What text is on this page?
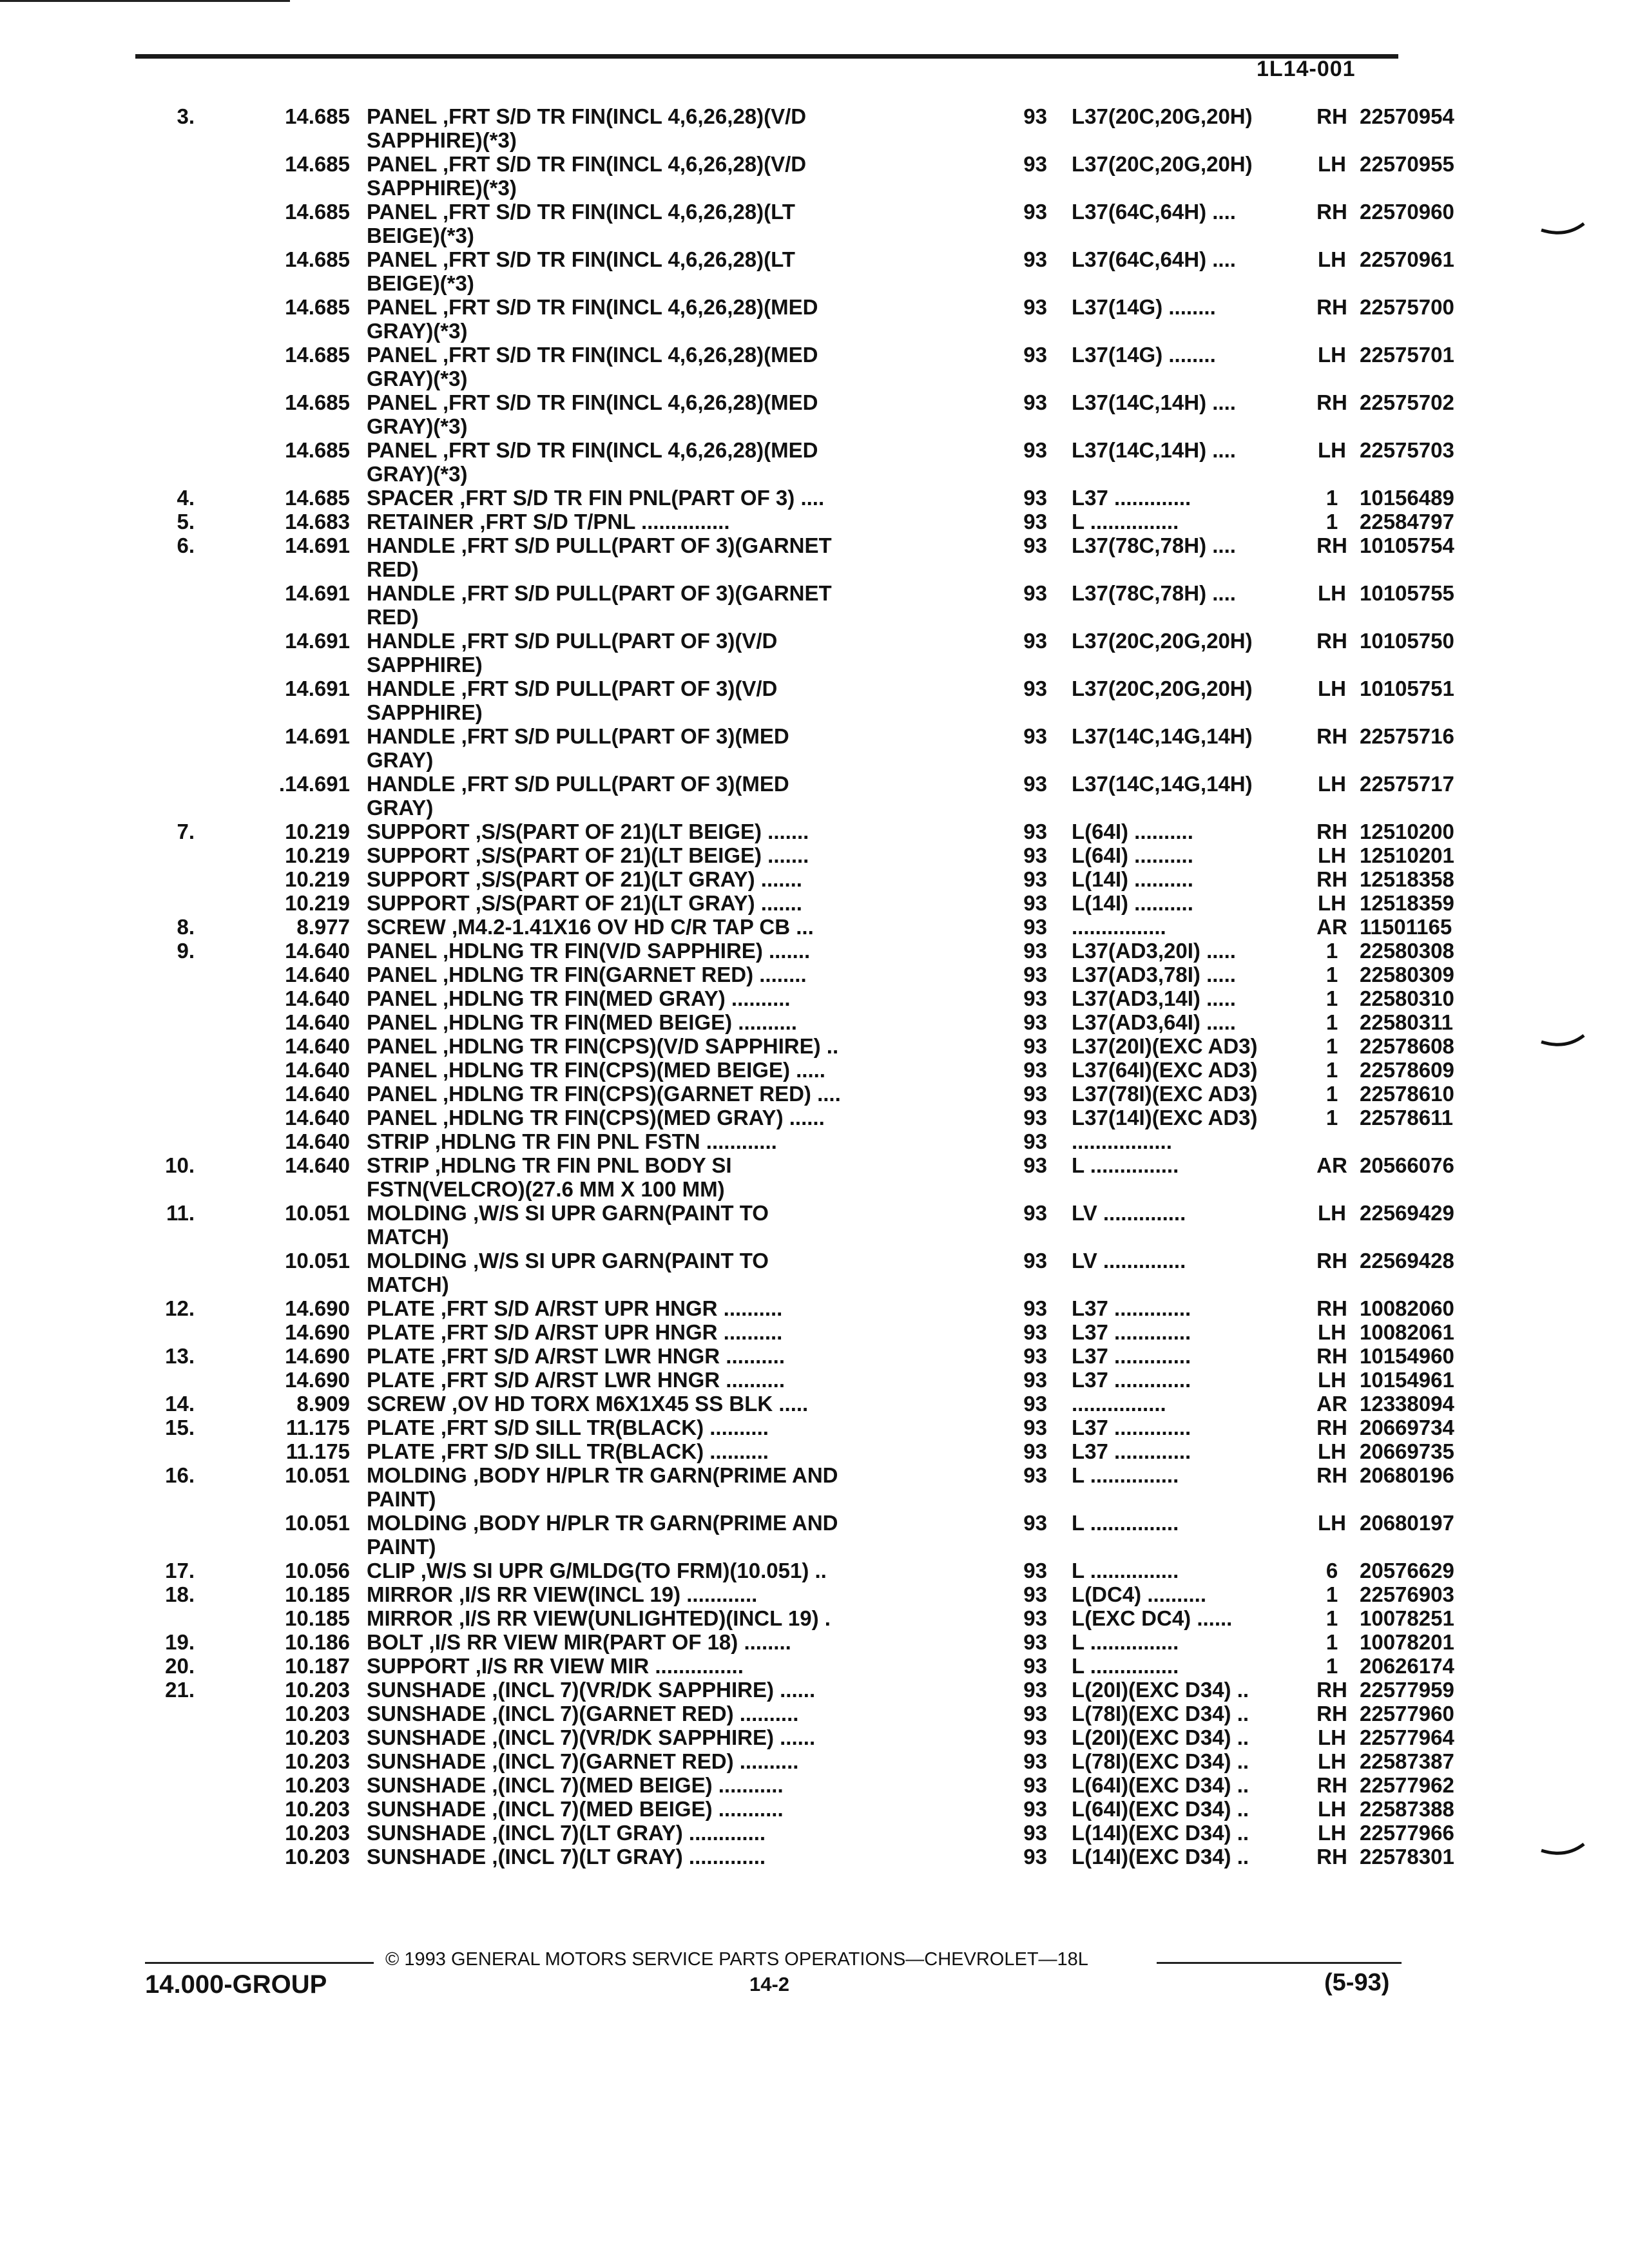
1L14-001
3.	14.685 PANEL ,FRT S/D TR FIN(INCL 4,6,26,28)(V/D
SAPPHIRE)(*3)
93	L37(20C,20G,20H)	RH 22570954
14.685 PANEL ,FRT S/D TR FIN(INCL 4,6,26,28)(V/D
SAPPHIRE)(*3)
93	L37(20C,20G,20H)	LH 22570955
14.685 PANEL ,FRT S/D TR FIN(INCL 4,6,26,28)(LT
BEIGE)(*3)
93	L37(64C,64H) ....	RH 22570960
14.685 PANEL ,FRT S/D TR FIN(INCL 4,6,26,28)(LT
BEIGE)(*3)
93	L37(64C,64H) ....	LH 22570961
14.685 PANEL ,FRT S/D TR FIN(INCL 4,6,26,28)(MED
GRAY)(*3)
93	L37(14G) ........	RH 22575700
14.685 PANEL ,FRT S/D TR FIN(INCL 4,6,26,28)(MED
GRAY)(*3)
93	L37(14G) ........	LH 22575701
14.685 PANEL ,FRT S/D TR FIN(INCL 4,6,26,28)(MED
GRAY)(*3)
93	L37(14C,14H) ....	RH 22575702
14.685 PANEL ,FRT S/D TR FIN(INCL 4,6,26,28)(MED
GRAY)(*3)
93	L37(14C,14H) ....	LH 22575703
4.	14.685 SPACER ,FRT S/D TR FIN PNL(PART OF 3) ....	93	L37 .............	1	10156489
5.	14.683 RETAINER ,FRT S/D T/PNL ...............	93	L ...............	1	22584797
6.	14.691 HANDLE ,FRT S/D PULL(PART OF 3)(GARNET
RED)
93	L37(78C,78H) ....	RH 10105754
14.691 HANDLE ,FRT S/D PULL(PART OF 3)(GARNET
RED)
93	L37(78C,78H) ....	LH 10105755
14.691 HANDLE ,FRT S/D PULL(PART OF 3)(V/D
SAPPHIRE)
93	L37(20C,20G,20H)	RH 10105750
14.691 HANDLE ,FRT S/D PULL(PART OF 3)(V/D
SAPPHIRE)
93	L37(20C,20G,20H)	LH 10105751
14.691 HANDLE ,FRT S/D PULL(PART OF 3)(MED
GRAY)
93	L37(14C,14G,14H)	RH 22575716
.14.691 HANDLE ,FRT S/D PULL(PART OF 3)(MED
GRAY)
93	L37(14C,14G,14H)	LH 22575717
7.	10.219 SUPPORT ,S/S(PART OF 21)(LT BEIGE) .......	93	L(64I) ..........	RH 12510200
10.219 SUPPORT ,S/S(PART OF 21)(LT BEIGE) .......	93	L(64I) ..........	LH 12510201
10.219 SUPPORT ,S/S(PART OF 21)(LT GRAY) .......	93	L(14I) ..........	RH 12518358
10.219 SUPPORT ,S/S(PART OF 21)(LT GRAY) .......	93	L(14I) ..........	LH 12518359
8.	8.977 SCREW ,M4.2-1.41X16 OV HD C/R TAP CB ...	93	................	AR 11501165
9.	14.640 PANEL ,HDLNG TR FIN(V/D SAPPHIRE) .......	93	L37(AD3,20I) .....	1	22580308
14.640 PANEL ,HDLNG TR FIN(GARNET RED) ........	93	L37(AD3,78I) .....	1	22580309
14.640 PANEL ,HDLNG TR FIN(MED GRAY) ..........	93	L37(AD3,14I) .....	1	22580310
14.640 PANEL ,HDLNG TR FIN(MED BEIGE) ..........	93	L37(AD3,64I) .....	1	22580311
14.640 PANEL ,HDLNG TR FIN(CPS)(V/D SAPPHIRE) ..	93	L37(20I)(EXC AD3)	1	22578608
14.640 PANEL ,HDLNG TR FIN(CPS)(MED BEIGE) .....	93	L37(64I)(EXC AD3)	1	22578609
14.640 PANEL ,HDLNG TR FIN(CPS)(GARNET RED) ....	93	L37(78I)(EXC AD3)	1	22578610
14.640 PANEL ,HDLNG TR FIN(CPS)(MED GRAY) ......	93	L37(14I)(EXC AD3)	1	22578611
14.640 STRIP ,HDLNG TR FIN PNL FSTN ............	93	.................
10.	14.640 STRIP ,HDLNG TR FIN PNL BODY SI
FSTN(VELCRO)(27.6 MM X 100 MM)
93	L ...............	AR 20566076
11.	10.051 MOLDING ,W/S SI UPR GARN(PAINT TO
MATCH)
93	LV ..............	LH 22569429
10.051 MOLDING ,W/S SI UPR GARN(PAINT TO
MATCH)
93	LV ..............	RH 22569428
12.	14.690 PLATE ,FRT S/D A/RST UPR HNGR ..........	93	L37 .............	RH 10082060
14.690 PLATE ,FRT S/D A/RST UPR HNGR ..........	93	L37 .............	LH 10082061
13.	14.690 PLATE ,FRT S/D A/RST LWR HNGR ..........	93	L37 .............	RH 10154960
14.690 PLATE ,FRT S/D A/RST LWR HNGR ..........	93	L37 .............	LH 10154961
14.	8.909 SCREW ,OV HD TORX M6X1X45 SS BLK .....	93	................	AR 12338094
15.	11.175 PLATE ,FRT S/D SILL TR(BLACK) ..........	93	L37 .............	RH 20669734
11.175 PLATE ,FRT S/D SILL TR(BLACK) ..........	93	L37 .............	LH 20669735
16.	10.051 MOLDING ,BODY H/PLR TR GARN(PRIME AND
PAINT)
93	L ...............	RH 20680196
10.051 MOLDING ,BODY H/PLR TR GARN(PRIME AND
PAINT)
93	L ...............	LH 20680197
17.	10.056 CLIP ,W/S SI UPR G/MLDG(TO FRM)(10.051) ..	93	L ...............	6	20576629
18.	10.185 MIRROR ,I/S RR VIEW(INCL 19) ............	93	L(DC4) ..........	1	22576903
10.185 MIRROR ,I/S RR VIEW(UNLIGHTED)(INCL 19) .	93	L(EXC DC4) ......	1	10078251
19.	10.186 BOLT ,I/S RR VIEW MIR(PART OF 18) ........	93	L ...............	1	10078201
20.	10.187 SUPPORT ,I/S RR VIEW MIR ...............	93	L ...............	1	20626174
21.	10.203 SUNSHADE ,(INCL 7)(VR/DK SAPPHIRE) ......	93	L(20I)(EXC D34) ..	RH 22577959
10.203 SUNSHADE ,(INCL 7)(GARNET RED) ..........	93	L(78I)(EXC D34) ..	RH 22577960
10.203 SUNSHADE ,(INCL 7)(VR/DK SAPPHIRE) ......	93	L(20I)(EXC D34) ..	LH 22577964
10.203 SUNSHADE ,(INCL 7)(GARNET RED) ..........	93	L(78I)(EXC D34) ..	LH 22587387
10.203 SUNSHADE ,(INCL 7)(MED BEIGE) ...........	93	L(64I)(EXC D34) ..	RH 22577962
10.203 SUNSHADE ,(INCL 7)(MED BEIGE) ...........	93	L(64I)(EXC D34) ..	LH 22587388
10.203 SUNSHADE ,(INCL 7)(LT GRAY) .............	93	L(14I)(EXC D34) ..	LH 22577966
10.203 SUNSHADE ,(INCL 7)(LT GRAY) .............	93	L(14I)(EXC D34) ..	RH 22578301
© 1993 GENERAL MOTORS SERVICE PARTS OPERATIONS—CHEVROLET—18L
14.000-GROUP	14-2	(5-93)
